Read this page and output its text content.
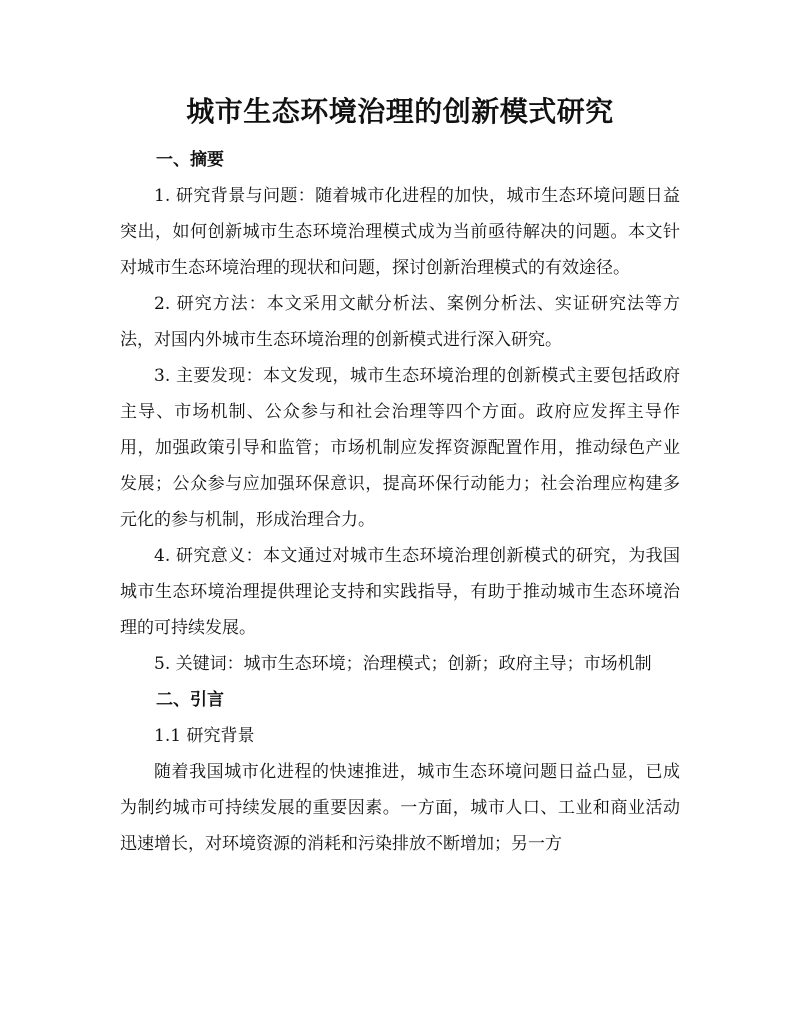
城市生态环境治理的创新模式研究
一、摘要

1. 研究背景与问题：随着城市化进程的加快，城市生态环境问题日益突出，如何创新城市生态环境治理模式成为当前亟待解决的问题。本文针对城市生态环境治理的现状和问题，探讨创新治理模式的有效途径。

2. 研究方法：本文采用文献分析法、案例分析法、实证研究法等方法，对国内外城市生态环境治理的创新模式进行深入研究。

3. 主要发现：本文发现，城市生态环境治理的创新模式主要包括政府主导、市场机制、公众参与和社会治理等四个方面。政府应发挥主导作用，加强政策引导和监管；市场机制应发挥资源配置作用，推动绿色产业发展；公众参与应加强环保意识，提高环保行动能力；社会治理应构建多元化的参与机制，形成治理合力。

4. 研究意义：本文通过对城市生态环境治理创新模式的研究，为我国城市生态环境治理提供理论支持和实践指导，有助于推动城市生态环境治理的可持续发展。

5. 关键词：城市生态环境；治理模式；创新；政府主导；市场机制

二、引言

1.1 研究背景

随着我国城市化进程的快速推进，城市生态环境问题日益凸显，已成为制约城市可持续发展的重要因素。一方面，城市人口、工业和商业活动迅速增长，对环境资源的消耗和污染排放不断增加；另一方
